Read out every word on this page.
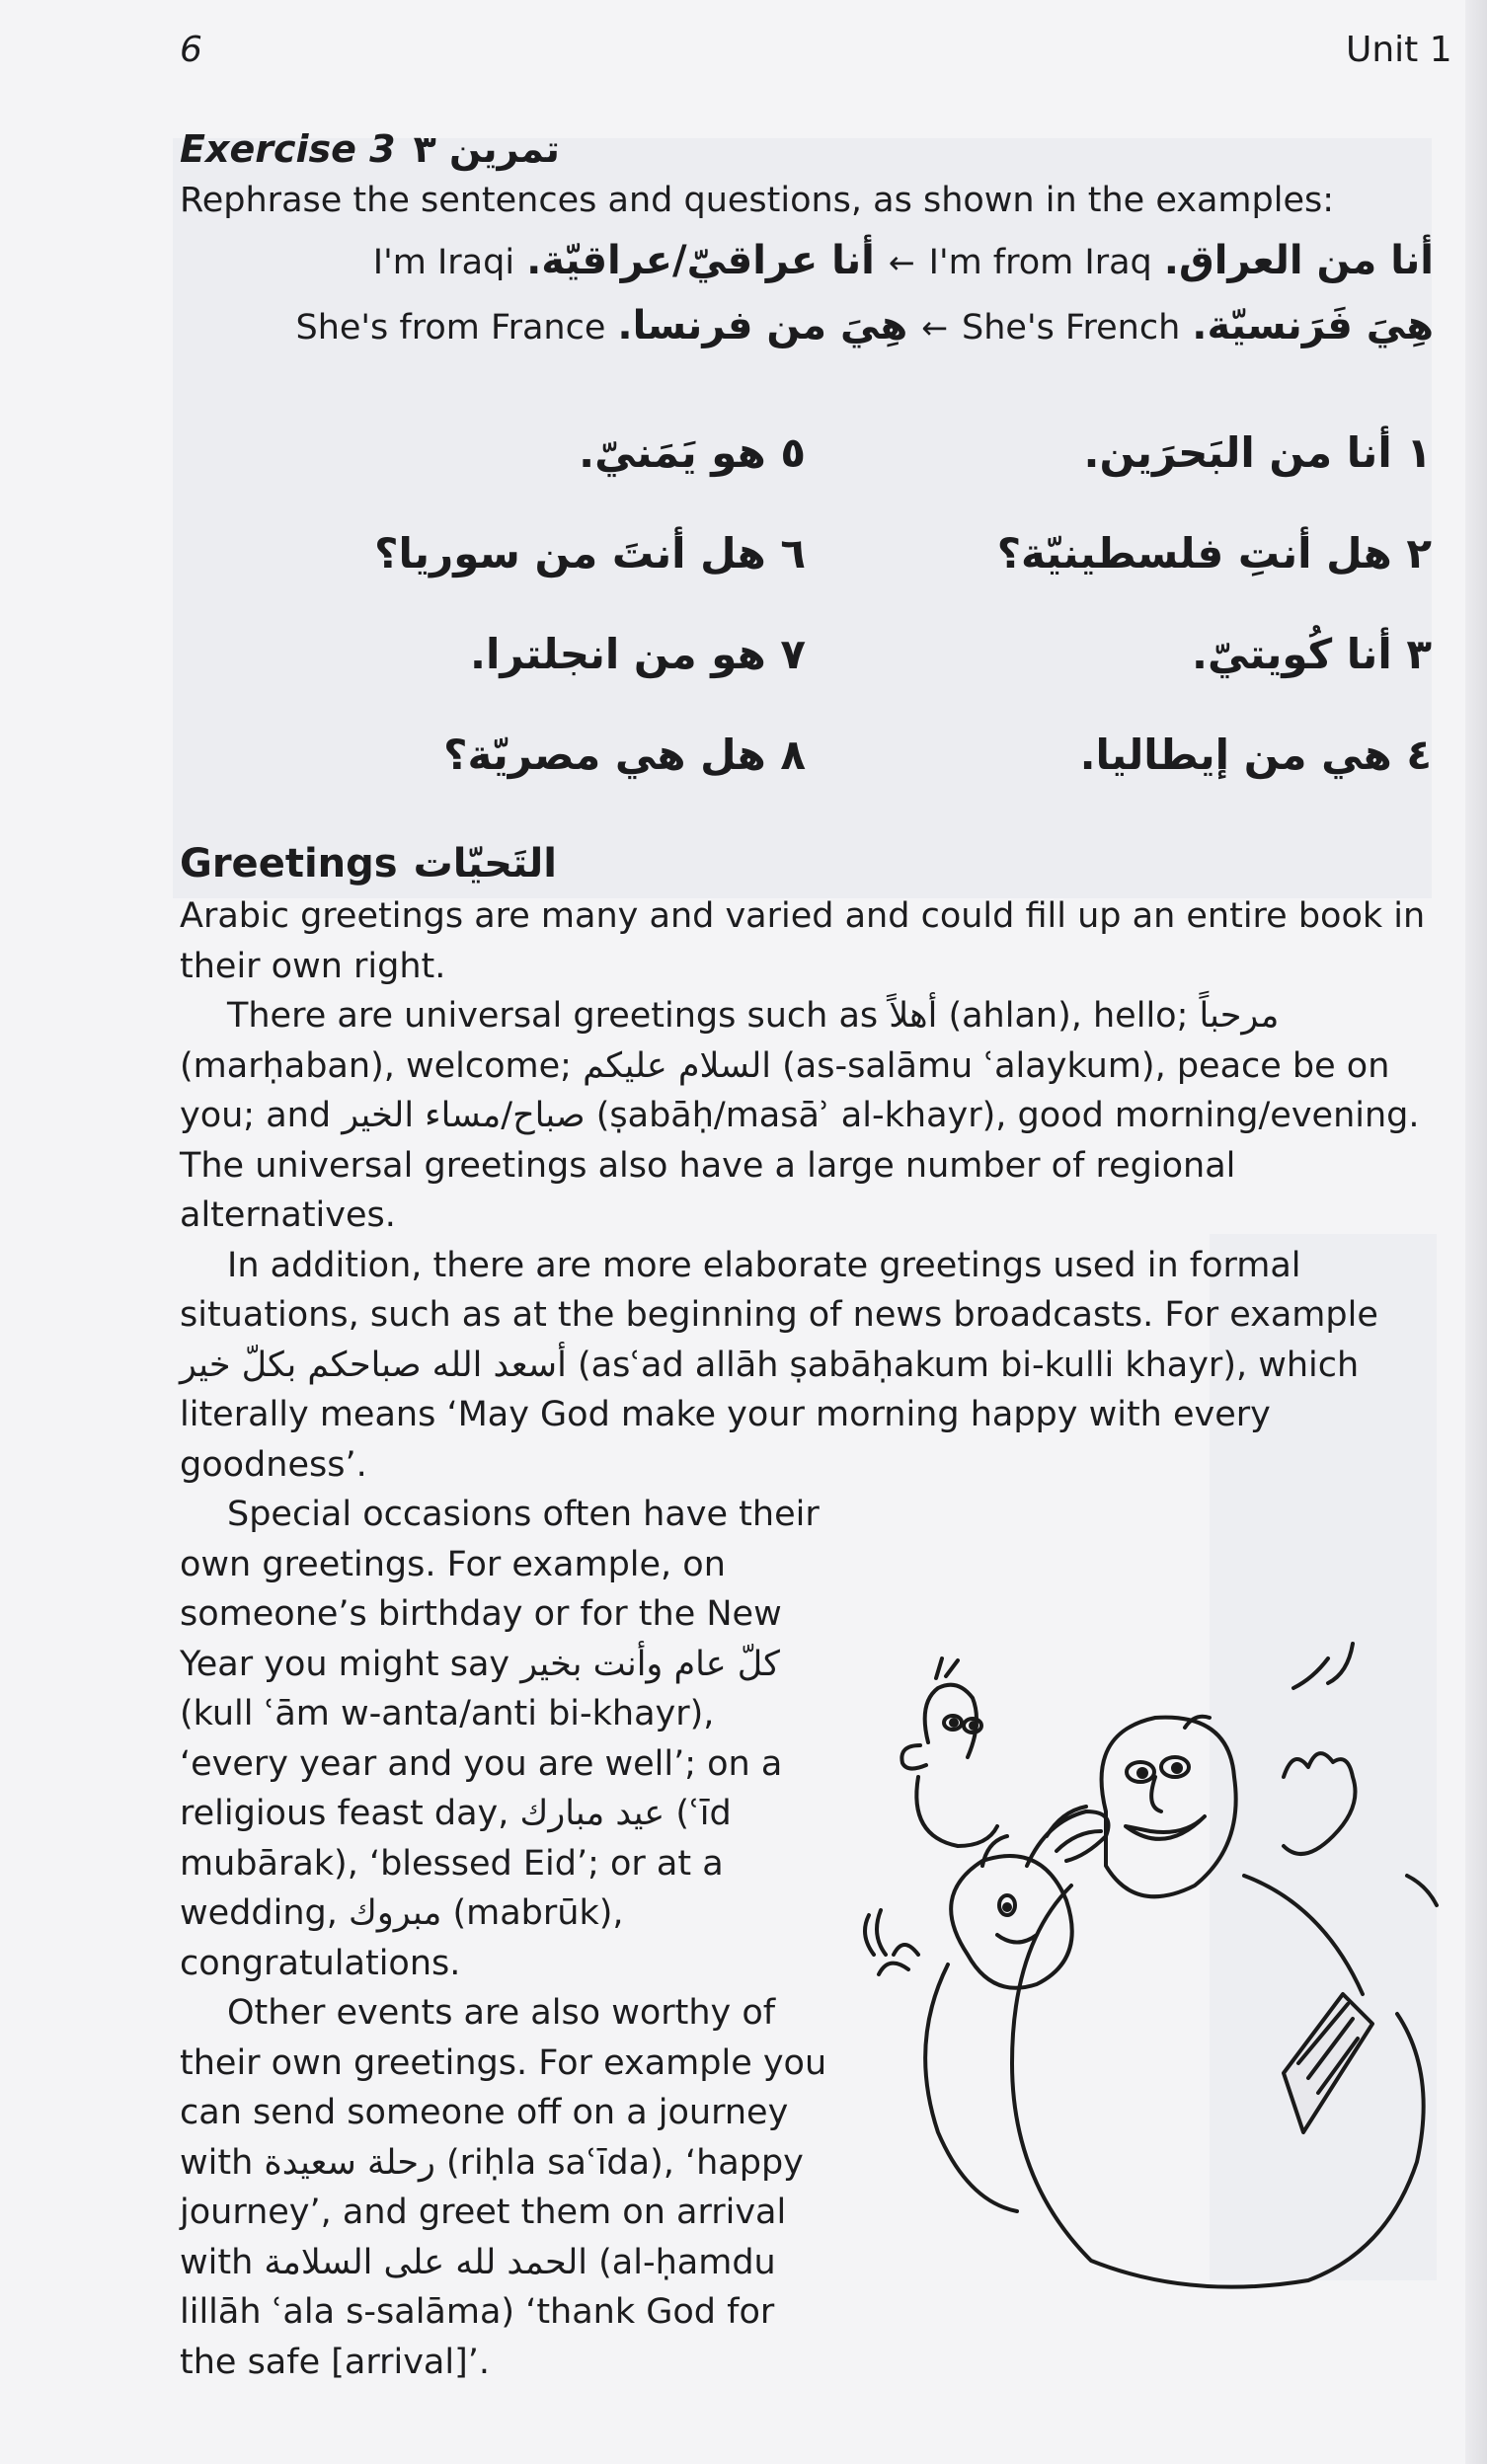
6	Unit 1

Exercise 3 تمرين ٣

Rephrase the sentences and questions, as shown in the examples:

I'm Iraqi أنا عراقيّ/عراقيّة. ← I'm from Iraq أنا من العراق.
She's from France هِيَ من فرنسا. ← She's French هِيَ فَرَنسيّة.
١ أنا من البَحرَين.
٥ هو يَمَنيّ.
٢ هل أنتِ فلسطينيّة؟
٦ هل أنتَ من سوريا؟
٣ أنا كُويتيّ.
٧ هو من انجلترا.
٤ هي من إيطاليا.
٨ هل هي مصريّة؟

Greetings التَحيّات

Arabic greetings are many and varied and could fill up an entire book in their own right.

There are universal greetings such as أهلاً (ahlan), hello; مرحباً (marḥaban), welcome; السلام عليكم (as-salāmu ʿalaykum), peace be on you; and صباح/مساء الخير (ṣabāḥ/masāʾ al-khayr), good morning/evening. The universal greetings also have a large number of regional alternatives.

In addition, there are more elaborate greetings used in formal situations, such as at the beginning of news broadcasts. For example أسعد الله صباحكم بكلّ خير (asʿad allāh ṣabāḥakum bi-kulli khayr), which literally means ‘May God make your morning happy with every goodness’.

Special occasions often have their own greetings. For example, on someone’s birthday or for the New Year you might say كلّ عام وأنت بخير (kull ʿām w-anta/anti bi-khayr), ‘every year and you are well’; on a religious feast day, عيد مبارك (ʿīd mubārak), ‘blessed Eid’; or at a wedding, مبروك (mabrūk), congratulations.

Other events are also worthy of their own greetings. For example you can send someone off on a journey with رحلة سعيدة (riḥla saʿīda), ‘happy journey’, and greet them on arrival with الحمد لله على السلامة (al-ḥamdu lillāh ʿala s-salāma) ‘thank God for the safe [arrival]’.
